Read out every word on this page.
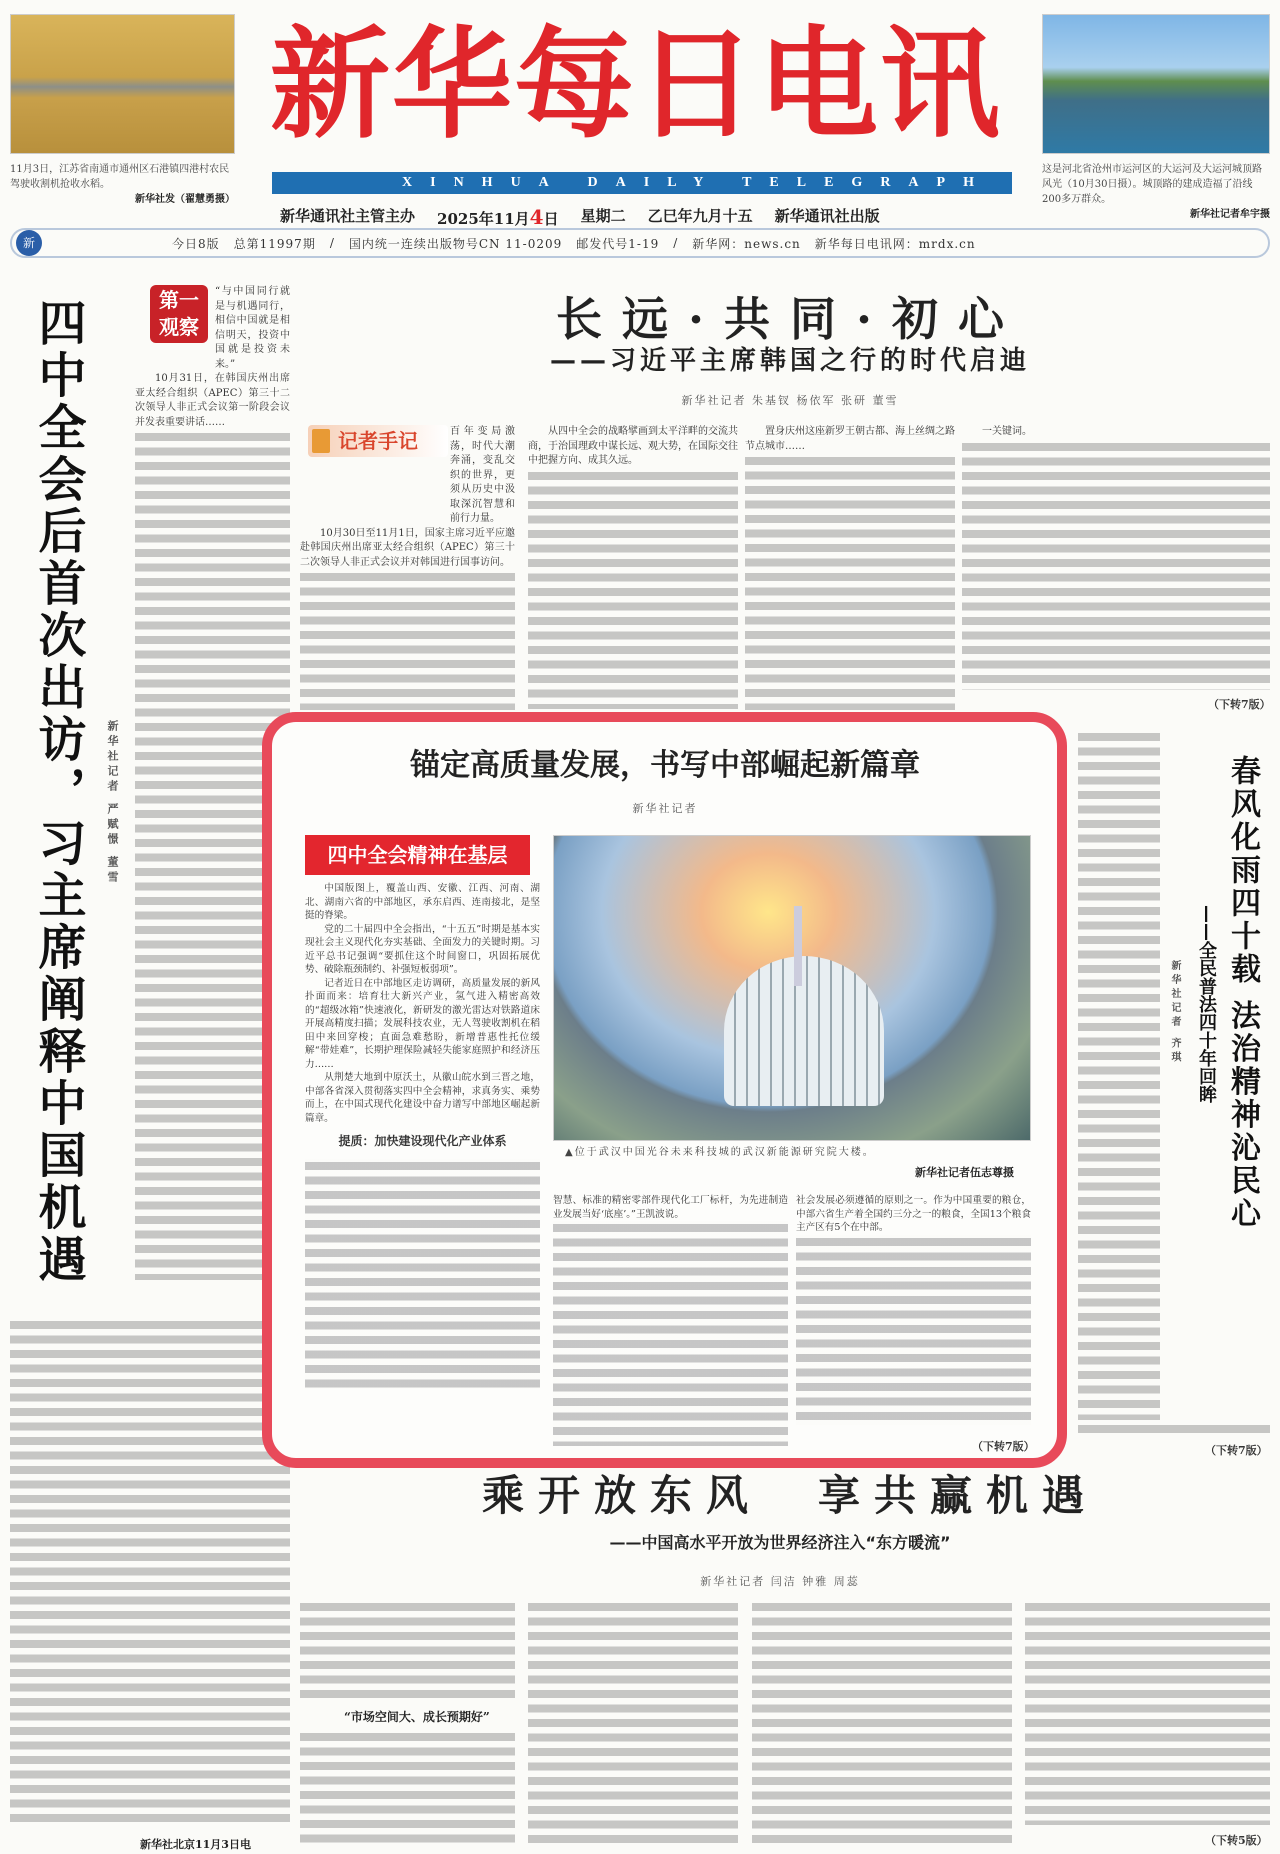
11月3日，江苏省南通市通州区石港镇四港村农民驾驶收割机抢收水稻。
新华社发（翟慧勇摄）
新华每日电讯
XINHUA DAILY TELEGRAPH
新华通讯社主管主办 2025年11月4日 星期二 乙巳年九月十五 新华通讯社出版
这是河北省沧州市运河区的大运河及大运河城顶路风光（10月30日摄）。城顶路的建成造福了沿线200多万群众。
新华社记者牟宇摄
今日8版 总第11997期 / 国内统一连续出版物号CN 11-0209 邮发代号1-19 / 新华网：news.cn 新华每日电讯网：mrdx.cn
新
四中全会后首次出访，习主席阐释中国机遇 新华社记者 严赋憬 董雪
第一观察

“与中国同行就是与机遇同行，相信中国就是相信明天，投资中国就是投资未来。”

10月31日，在韩国庆州出席亚太经合组织（APEC）第三十二次领导人非正式会议第一阶段会议并发表重要讲话……

新华社北京11月3日电
长远·共同·初心
——习近平主席韩国之行的时代启迪
新华社记者 朱基钗 杨依军 张研 董雪
记者手记	百年变局激荡，时代大潮奔涌，变乱交织的世界，更须从历史中汲取深沉智慧和前行力量。

10月30日至11月1日，国家主席习近平应邀赴韩国庆州出席亚太经合组织（APEC）第三十二次领导人非正式会议并对韩国进行国事访问。

从四中全会的战略擘画到太平洋畔的交流共商，于治国理政中谋长远、观大势，在国际交往中把握方向、成其久远。

置身庆州这座新罗王朝古都、海上丝绸之路节点城市……

一关键词。

（下转7版）
锚定高质量发展，书写中部崛起新篇章
新华社记者
四中全会精神在基层

中国版图上，覆盖山西、安徽、江西、河南、湖北、湖南六省的中部地区，承东启西、连南接北，是坚挺的脊梁。

党的二十届四中全会指出，“十五五”时期是基本实现社会主义现代化夯实基础、全面发力的关键时期。习近平总书记强调“要抓住这个时间窗口，巩固拓展优势、破除瓶颈制约、补强短板弱项”。

记者近日在中部地区走访调研，高质量发展的新风扑面而来：培育壮大新兴产业，氢气进入精密高效的“超级冰箱”快速液化，新研发的激光雷达对铁路道床开展高精度扫描；发展科技农业，无人驾驶收割机在稻田中来回穿梭；直面急难愁盼，新增普惠性托位缓解“带娃难”，长期护理保险减轻失能家庭照护和经济压力……

从荆楚大地到中原沃土，从徽山皖水到三晋之地，中部各省深入贯彻落实四中全会精神，求真务实、乘势而上，在中国式现代化建设中奋力谱写中部地区崛起新篇章。

提质：加快建设现代化产业体系

▲位于武汉中国光谷未来科技城的武汉新能源研究院大楼。
新华社记者伍志尊摄

智慧、标准的精密零部件现代化工厂标杆，为先进制造业发展当好‘底座’。”王凯波说。

社会发展必须遵循的原则之一。作为中国重要的粮仓，中部六省生产着全国约三分之一的粮食，全国13个粮食主产区有5个在中部。

（下转7版）
春风化雨四十载 法治精神沁民心
——全民普法四十年回眸
新华社记者 齐琪
（下转7版）
乘开放东风　享共赢机遇
——中国高水平开放为世界经济注入“东方暖流”
新华社记者 闫洁 钟雅 周蕊
“市场空间大、成长预期好”
（下转5版）
